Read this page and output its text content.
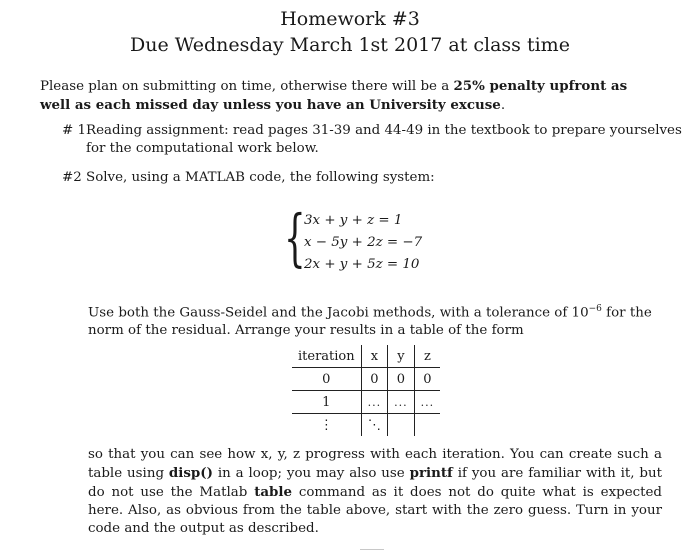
Homework #3
Due Wednesday March 1st 2017 at class time
Please plan on submitting on time, otherwise there will be a 25% penalty upfront as well as each missed day unless you have an University excuse.
# 1Reading assignment: read pages 31-39 and 44-49 in the textbook to prepare yourselves for the computational work below.
#2 Solve, using a MATLAB code, the following system:
{
3x + y + z = 1
x − 5y + 2z = −7
2x + y + 5z = 10
Use both the Gauss-Seidel and the Jacobi methods, with a tolerance of $10^{-6}$ for the norm of the residual. Arrange your results in a table of the form
iteration	x	y	z
0	0	0	0
1	...	...	...
⋮	⋱		
so that you can see how x, y, z progress with each iteration. You can create such a table using disp() in a loop; you may also use printf if you are familiar with it, but do not use the Matlab table command as it does not do quite what is expected here. Also, as obvious from the table above, start with the zero guess. Turn in your code and the output as described.
